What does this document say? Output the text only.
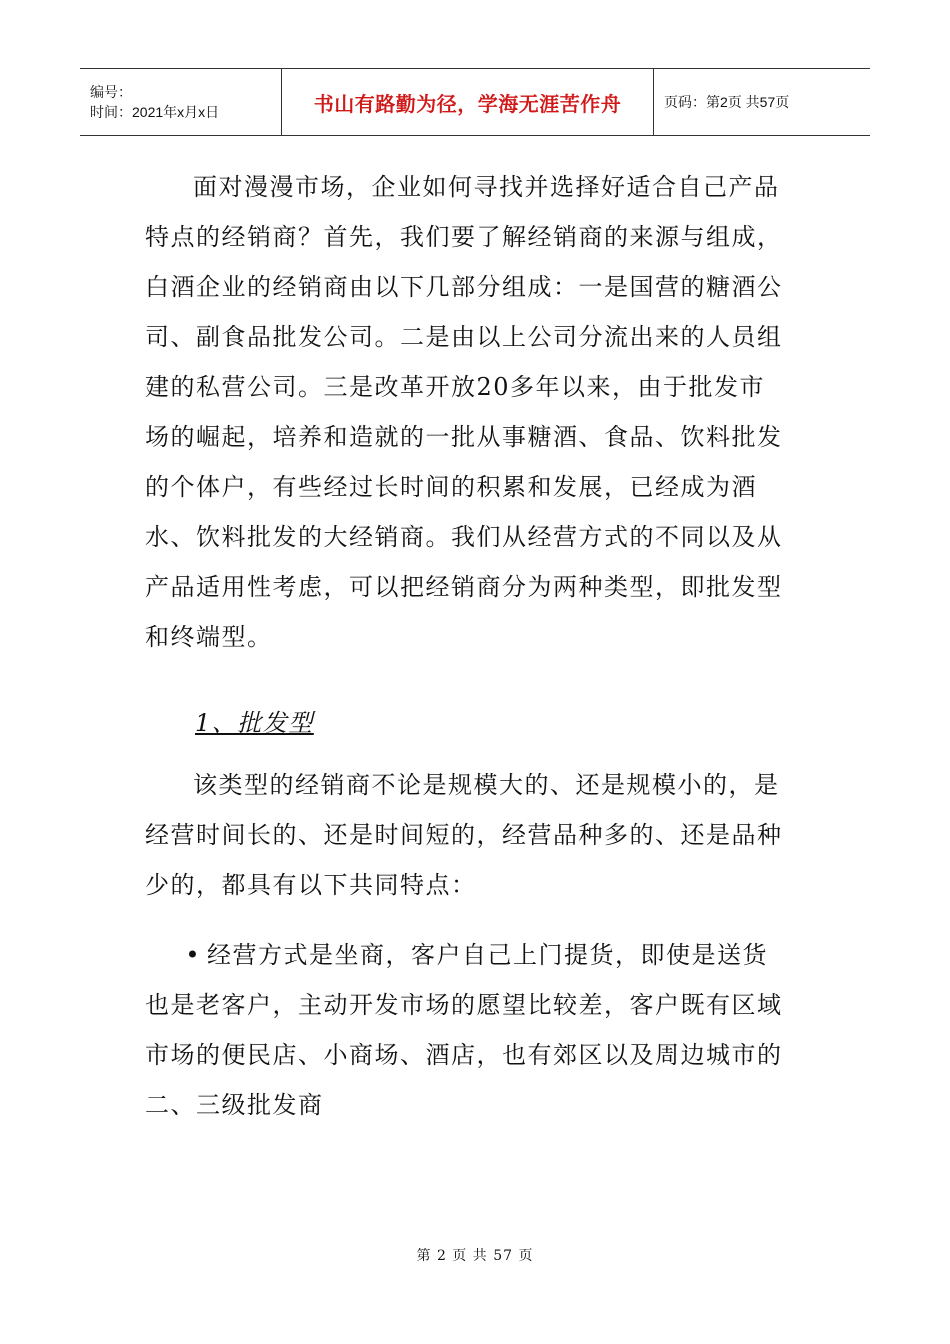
编号：
时间：2021年x月x日	书山有路勤为径，学海无涯苦作舟	页码：第2页 共57页

面对漫漫市场，企业如何寻找并选择好适合自己产品特点的经销商？首先，我们要了解经销商的来源与组成，白酒企业的经销商由以下几部分组成：一是国营的糖酒公司、副食品批发公司。二是由以上公司分流出来的人员组建的私营公司。三是改革开放20多年以来，由于批发市场的崛起，培养和造就的一批从事糖酒、食品、饮料批发的个体户，有些经过长时间的积累和发展，已经成为酒水、饮料批发的大经销商。我们从经营方式的不同以及从产品适用性考虑，可以把经销商分为两种类型，即批发型和终端型。

1、批发型

该类型的经销商不论是规模大的、还是规模小的，是经营时间长的、还是时间短的，经营品种多的、还是品种少的，都具有以下共同特点：

• 经营方式是坐商，客户自己上门提货，即使是送货也是老客户，主动开发市场的愿望比较差，客户既有区域市场的便民店、小商场、酒店，也有郊区以及周边城市的二、三级批发商
第 2 页 共 57 页
